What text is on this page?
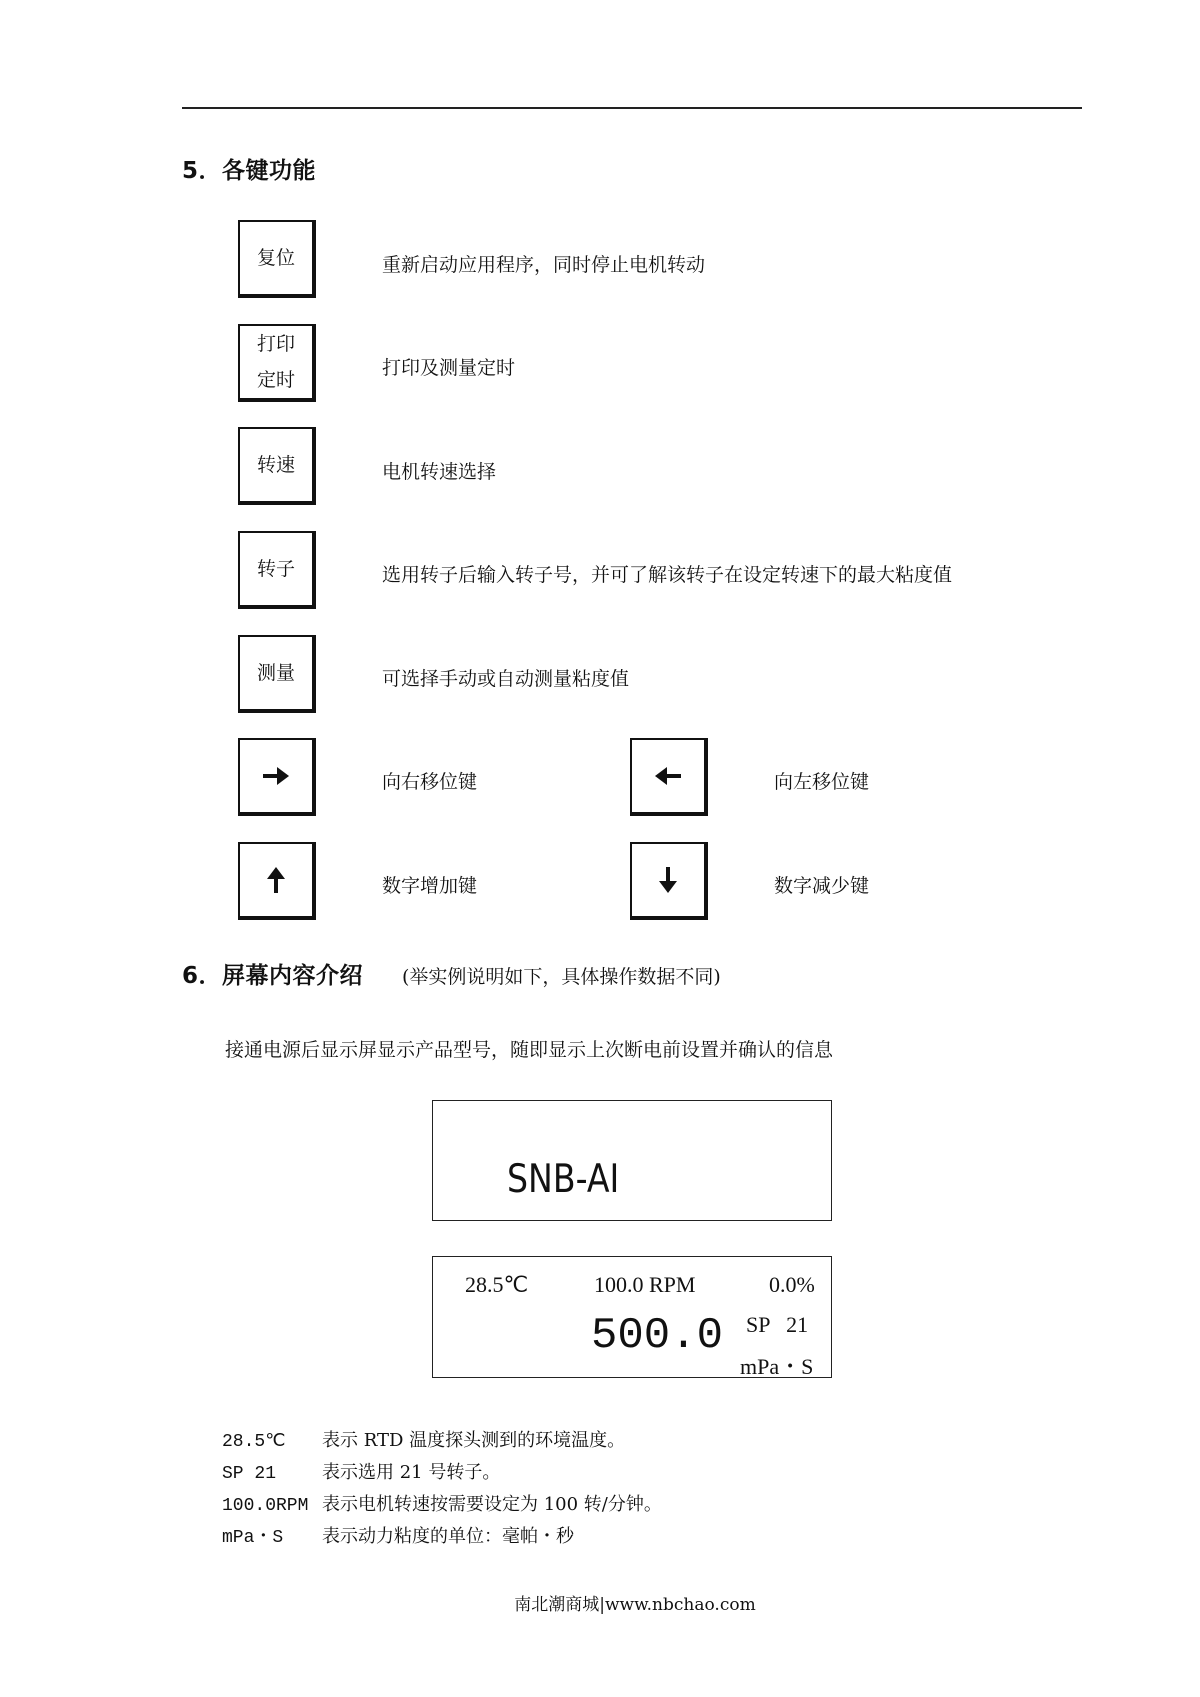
5．各键功能
复位	重新启动应用程序，同时停止电机转动
打印
定时
打印及测量定时
转速	电机转速选择
转子	选用转子后输入转子号，并可了解该转子在设定转速下的最大粘度值
测量	可选择手动或自动测量粘度值
向右移位键	向左移位键
数字增加键	数字减少键
6．屏幕内容介绍 (举实例说明如下，具体操作数据不同)
接通电源后显示屏显示产品型号，随即显示上次断电前设置并确认的信息
SNB-AI
28.5℃	100.0 RPM	0.0%
SP   21
500.0
mPa・S
28.5℃ 表示 RTD 温度探头测到的环境温度。
SP 21	表示选用 21 号转子。
100.0RPM 表示电机转速按需要设定为 100 转/分钟。
mPa・S 表示动力粘度的单位：毫帕・秒
南北潮商城|www.nbchao.com
